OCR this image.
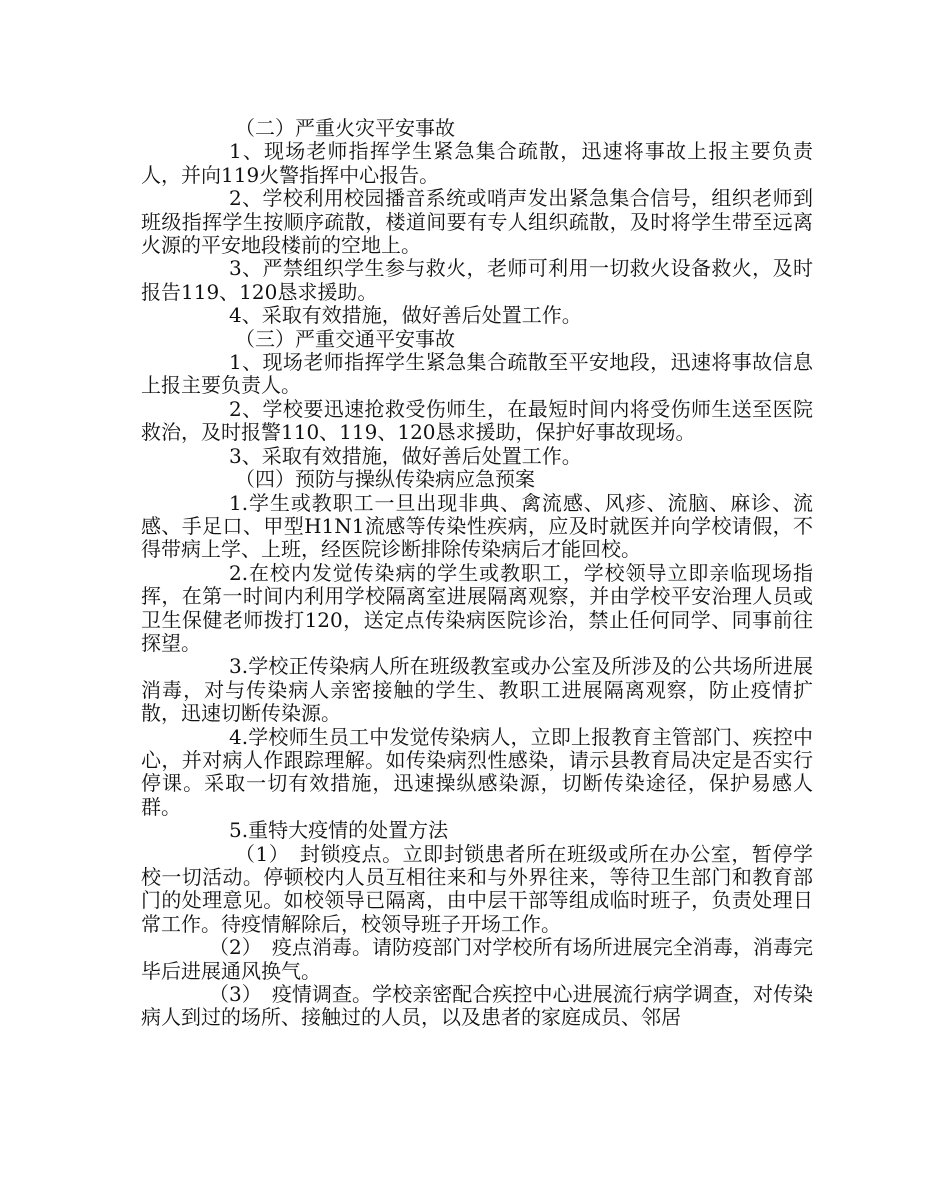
（二）严重火灾平安事故

1、现场老师指挥学生紧急集合疏散，迅速将事故上报主要负责人，并向119火警指挥中心报告。

2、学校利用校园播音系统或哨声发出紧急集合信号，组织老师到班级指挥学生按顺序疏散，楼道间要有专人组织疏散，及时将学生带至远离火源的平安地段楼前的空地上。

3、严禁组织学生参与救火，老师可利用一切救火设备救火，及时报告119、120恳求援助。

4、采取有效措施，做好善后处置工作。

（三）严重交通平安事故

1、现场老师指挥学生紧急集合疏散至平安地段，迅速将事故信息上报主要负责人。

2、学校要迅速抢救受伤师生，在最短时间内将受伤师生送至医院救治，及时报警110、119、120恳求援助，保护好事故现场。

3、采取有效措施，做好善后处置工作。

（四）预防与操纵传染病应急预案

1.学生或教职工一旦出现非典、禽流感、风疹、流脑、麻诊、流感、手足口、甲型H1N1流感等传染性疾病，应及时就医并向学校请假，不得带病上学、上班，经医院诊断排除传染病后才能回校。

2.在校内发觉传染病的学生或教职工，学校领导立即亲临现场指挥，在第一时间内利用学校隔离室进展隔离观察，并由学校平安治理人员或卫生保健老师拨打120，送定点传染病医院诊治，禁止任何同学、同事前往探望。

3.学校正传染病人所在班级教室或办公室及所涉及的公共场所进展消毒，对与传染病人亲密接触的学生、教职工进展隔离观察，防止疫情扩散，迅速切断传染源。

4.学校师生员工中发觉传染病人，立即上报教育主管部门、疾控中心，并对病人作跟踪理解。如传染病烈性感染，请示县教育局决定是否实行停课。采取一切有效措施，迅速操纵感染源，切断传染途径，保护易感人群。

5.重特大疫情的处置方法

（1）　封锁疫点。立即封锁患者所在班级或所在办公室，暂停学校一切活动。停顿校内人员互相往来和与外界往来，等待卫生部门和教育部门的处理意见。如校领导已隔离，由中层干部等组成临时班子，负责处理日常工作。待疫情解除后，校领导班子开场工作。

（2）　疫点消毒。请防疫部门对学校所有场所进展完全消毒，消毒完毕后进展通风换气。

（3）　疫情调查。学校亲密配合疾控中心进展流行病学调查，对传染病人到过的场所、接触过的人员，以及患者的家庭成员、邻居
